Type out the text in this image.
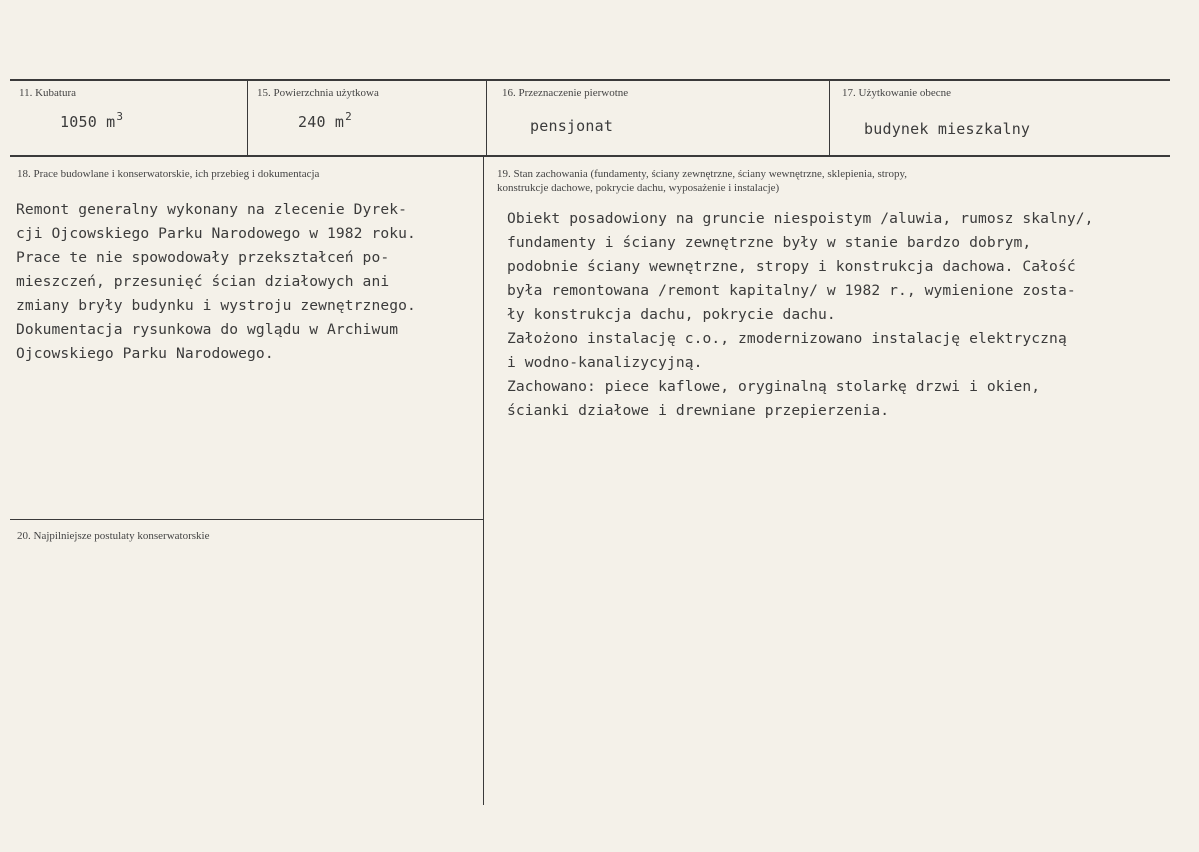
11. Kubatura
1050 $m^3$
15. Powierzchnia użytkowa
240 $m^2$
16. Przeznaczenie pierwotne
pensjonat
17. Użytkowanie obecne
budynek mieszkalny
18. Prace budowlane i konserwatorskie, ich przebieg i dokumentacja
Remont generalny wykonany na zlecenie Dyrek-
cji Ojcowskiego Parku Narodowego w 1982 roku.
Prace te nie spowodowały przekształceń po-
mieszczeń, przesunięć ścian działowych ani
zmiany bryły budynku i wystroju zewnętrznego.
Dokumentacja rysunkowa do wglądu w Archiwum
Ojcowskiego Parku Narodowego.
19. Stan zachowania (fundamenty, ściany zewnętrzne, ściany wewnętrzne, sklepienia, stropy,
konstrukcje dachowe, pokrycie dachu, wyposażenie i instalacje)
Obiekt posadowiony na gruncie niespoistym /aluwia, rumosz skalny/,
fundamenty i ściany zewnętrzne były w stanie bardzo dobrym,
podobnie ściany wewnętrzne, stropy i konstrukcja dachowa. Całość
była remontowana /remont kapitalny/ w 1982 r., wymienione zosta-
ły konstrukcja dachu, pokrycie dachu.
Założono instalację c.o., zmodernizowano instalację elektryczną
i wodno-kanalizycyjną.
Zachowano: piece kaflowe, oryginalną stolarkę drzwi i okien,
ścianki działowe i drewniane przepierzenia.
20. Najpilniejsze postulaty konserwatorskie
